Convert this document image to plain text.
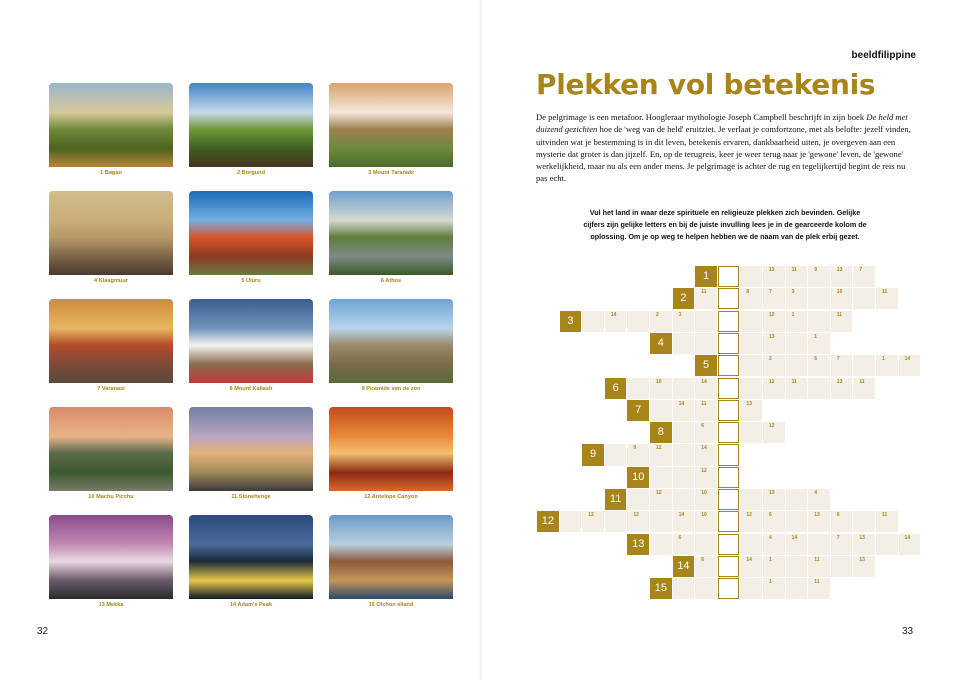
1 Bagan	2 Borgund	3 Mount Taranaki
4 Klaagmuur	5 Uluru	6 Athos
7 Varanasi	8 Mount Kailash	9 Piramide van de zon
10 Machu Picchu	11 Stonehenge	12 Antelope Canyon
13 Mekka	14 Adam's Peak	15 Olchon eiland
32
beeldfilippine
Plekken vol betekenis

De pelgrimage is een metafoor. Hoogleraar mythologie Joseph Campbell beschrijft in zijn boek De held met duizend gezichten hoe de 'weg van de held' eruitziet. Je verlaat je comfortzone, met als belofte: jezelf vinden, uitvinden wat je bestemming is in dit leven, betekenis ervaren, dankbaarheid uiten, je overgeven aan een mysterie dat groter is dan jijzelf. En, op de terugreis, keer je weer terug naar je 'gewone' leven, de 'gewone' werkelijkheid, maar nu als een ander mens. Je pelgrimage is achter de rug en tegelijkertijd begint de reis nu pas echt.

Vul het land in waar deze spirituele en religieuze plekken zich bevinden. Gelijke cijfers zijn gelijke letters en bij de juiste invulling lees je in de gearceerde kolom de oplossing. Om je op weg te helpen hebben we de naam van de plek erbij gezet.

1	13	11	9	13	7
2	11	8	7	3	10	11
3	14	2	3	12	1	11
4	13	1
5	2	6	7	1	14
6	10	14	12	11	13	11
7	14	11	13
8	6	12
9	9	12	14
10	12
11	12	10	13	4
12	12	12	14	10	12	6	13	6	11
13	6	4	14	7	13	14
14	6	14	1	11	13
15	1	11
33
